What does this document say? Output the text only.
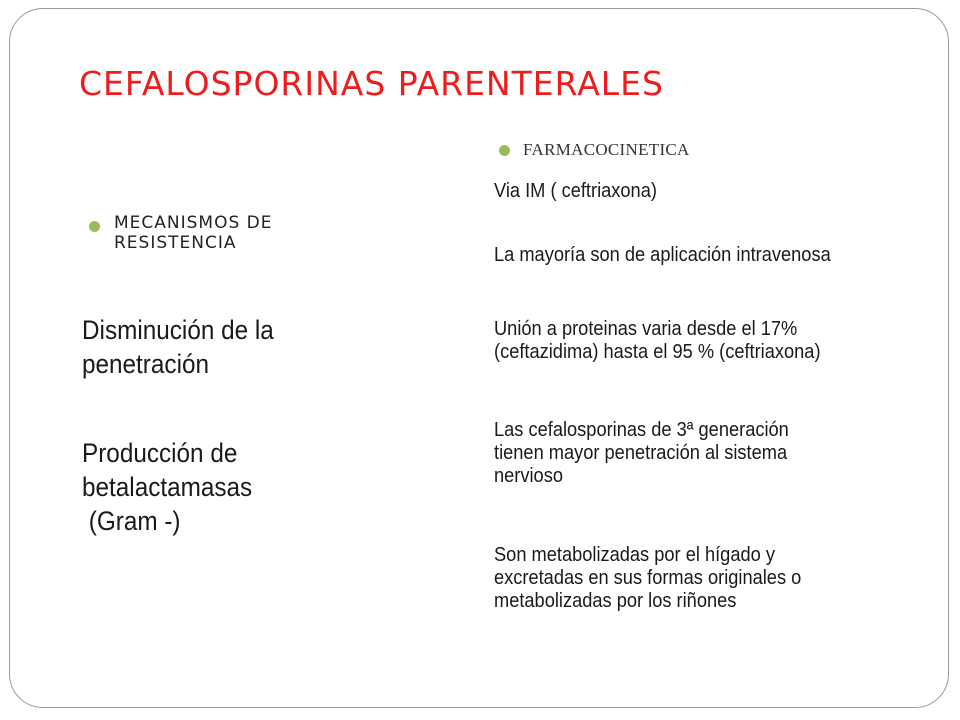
CEFALOSPORINAS PARENTERALES

MECANISMOS DE
RESISTENCIA

Disminución de la
penetración

Producción de
betalactamasas
(Gram -)

FARMACOCINETICA

Via IM ( ceftriaxona)

La mayoría son de aplicación intravenosa

Unión a proteinas varia desde el 17%
(ceftazidima) hasta el 95 % (ceftriaxona)

Las cefalosporinas de 3ª generación
tienen mayor penetración al sistema
nervioso

Son metabolizadas por el hígado y
excretadas en sus formas originales o
metabolizadas por los riñones
